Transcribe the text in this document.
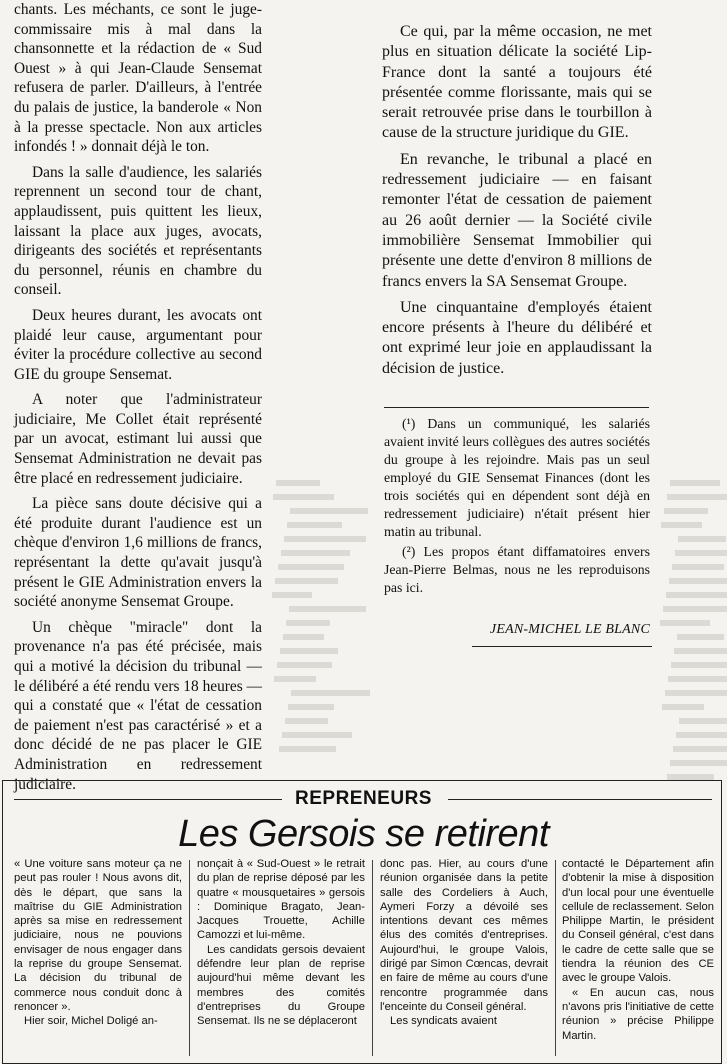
chants. Les méchants, ce sont le juge-commissaire mis à mal dans la chansonnette et la rédaction de « Sud Ouest » à qui Jean-Claude Sensemat refusera de parler. D'ailleurs, à l'entrée du palais de justice, la banderole « Non à la presse spectacle. Non aux articles infondés ! » donnait déjà le ton.

Dans la salle d'audience, les salariés reprennent un second tour de chant, applaudissent, puis quittent les lieux, laissant la place aux juges, avocats, dirigeants des sociétés et représentants du personnel, réunis en chambre du conseil.

Deux heures durant, les avocats ont plaidé leur cause, argumentant pour éviter la procédure collective au second GIE du groupe Sensemat.

A noter que l'administrateur judiciaire, Me Collet était représenté par un avocat, estimant lui aussi que Sensemat Administration ne devait pas être placé en redressement judiciaire.

La pièce sans doute décisive qui a été produite durant l'audience est un chèque d'environ 1,6 millions de francs, représentant la dette qu'avait jusqu'à présent le GIE Administration envers la société anonyme Sensemat Groupe.

Un chèque "miracle" dont la provenance n'a pas été précisée, mais qui a motivé la décision du tribunal — le délibéré a été rendu vers 18 heures — qui a constaté que « l'état de cessation de paiement n'est pas caractérisé » et a donc décidé de ne pas placer le GIE Administration en redressement judiciaire.

Ce qui, par la même occasion, ne met plus en situation délicate la société Lip-France dont la santé a toujours été présentée comme florissante, mais qui se serait retrouvée prise dans le tourbillon à cause de la structure juridique du GIE.

En revanche, le tribunal a placé en redressement judiciaire — en faisant remonter l'état de cessation de paiement au 26 août dernier — la Société civile immobilière Sensemat Immobilier qui présente une dette d'environ 8 millions de francs envers la SA Sensemat Groupe.

Une cinquantaine d'employés étaient encore présents à l'heure du délibéré et ont exprimé leur joie en applaudissant la décision de justice.

(¹) Dans un communiqué, les salariés avaient invité leurs collègues des autres sociétés du groupe à les rejoindre. Mais pas un seul employé du GIE Sensemat Finances (dont les trois sociétés qui en dépendent sont déjà en redressement judiciaire) n'était présent hier matin au tribunal.

(²) Les propos étant diffamatoires envers Jean-Pierre Belmas, nous ne les reproduisons pas ici.

JEAN-MICHEL LE BLANC
REPRENEURS
Les Gersois se retirent

« Une voiture sans moteur ça ne peut pas rouler ! Nous avons dit, dès le départ, que sans la maîtrise du GIE Administration après sa mise en redressement judiciaire, nous ne pouvions envisager de nous engager dans la reprise du groupe Sensemat. La décision du tribunal de commerce nous conduit donc à renoncer ».

Hier soir, Michel Doligé an-

nonçait à « Sud-Ouest » le retrait du plan de reprise déposé par les quatre « mousquetaires » gersois : Dominique Bragato, Jean-Jacques Trouette, Achille Camozzi et lui-même.

Les candidats gersois devaient défendre leur plan de reprise aujourd'hui même devant les membres des comités d'entreprises du Groupe Sensemat. Ils ne se déplaceront

donc pas. Hier, au cours d'une réunion organisée dans la petite salle des Cordeliers à Auch, Aymeri Forzy a dévoilé ses intentions devant ces mêmes élus des comités d'entreprises. Aujourd'hui, le groupe Valois, dirigé par Simon Cœncas, devrait en faire de même au cours d'une rencontre programmée dans l'enceinte du Conseil général.

Les syndicats avaient

contacté le Département afin d'obtenir la mise à disposition d'un local pour une éventuelle cellule de reclassement. Selon Philippe Martin, le président du Conseil général, c'est dans le cadre de cette salle que se tiendra la réunion des CE avec le groupe Valois.

« En aucun cas, nous n'avons pris l'initiative de cette réunion » précise Philippe Martin.
